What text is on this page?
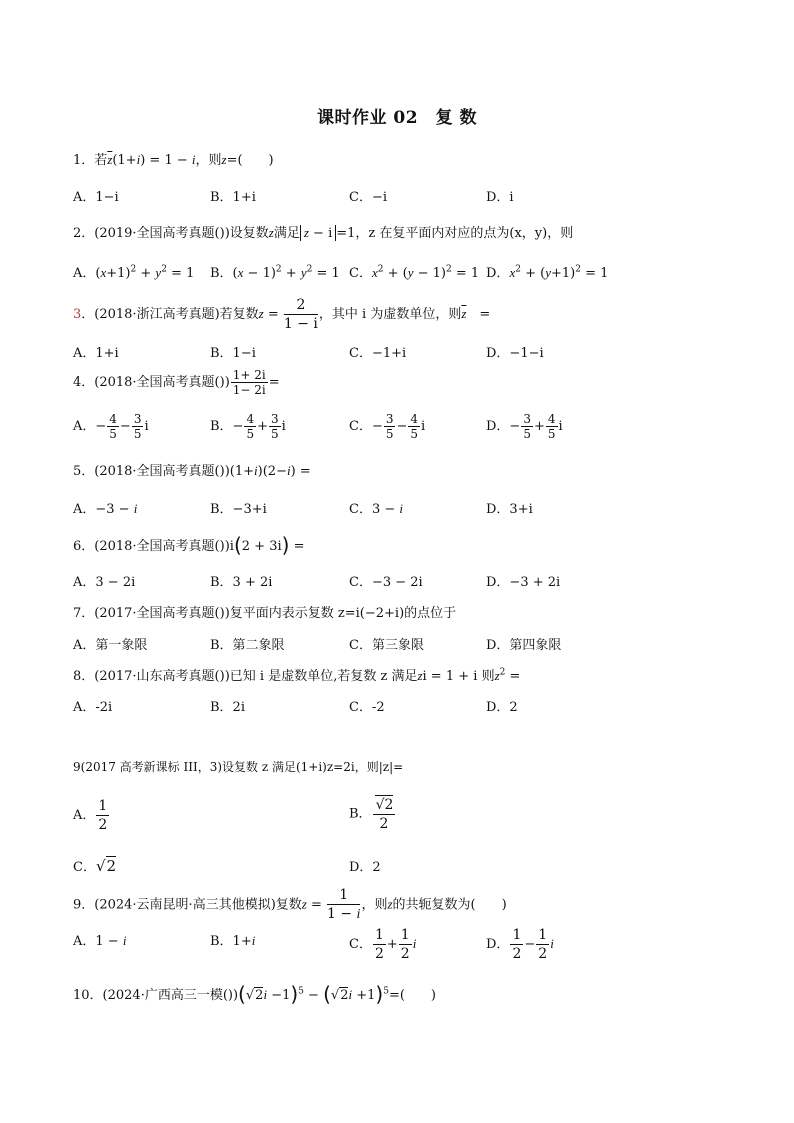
课时作业 02　复 数
1．若$\overline{z}(1+i) = 1 - i$，则z=(　　)
A．1−i	B．1+i	C．−i	D．i
2．(2019·全国高考真题())设复数z满足 z − i =1，z 在复平面内对应的点为(x，y)，则
A．$(x+1)^2 + y^2 = 1$ B．$(x - 1)^2 + y^2 = 1$ C．$x^2 + (y - 1)^2 = 1$ D．$x^2 + (y+1)^2 = 1$
3．(2018·浙江高考真题)若复数$z = \frac{2}{1 - i}$ ，其中 i 为虚数单位，则$\overline{z}$　=
A．1+i	B．1−i	C．−1+i	D．−1−i
4．(2018·全国高考真题()) $\frac{1+ 2i}{1- 2i}$ =
A．− $\frac{4}{5} - \frac{3}{5}$ i	B．− $\frac{4}{5} + \frac{3}{5}$ i	C．− $\frac{3}{5} - \frac{4}{5}$ i	D．− $\frac{3}{5} + \frac{4}{5}$ i
5．(2018·全国高考真题())(1+i)(2−i) =
A．−3 − i	B．−3+i	C．3 − i	D．3+i
6．(2018·全国高考真题())i(2 + 3i) =
A．3 − 2i	B．3 + 2i	C．−3 − 2i	D．−3 + 2i
7．(2017·全国高考真题())复平面内表示复数 z=i(−2+i)的点位于
A．第一象限	B．第二象限	C．第三象限	D．第四象限
8．(2017·山东高考真题())已知 i 是虚数单位,若复数 z 满足zi = 1 + i 则$z^2$ =
A．-2i	B．2i	C．-2	D．2
9(2017 高考新课标 III，3)设复数 z 满足(1+i)z=2i，则|z|=
A． $\frac{1}{2}$	B． $\frac{√2}{2}$
C．√2	D．2
9．(2024·云南昆明·高三其他模拟)复数$z = \frac{1}{1 - i}$ ，则z的共轭复数为(　　)
A．1 − i	B．1+i	C． $\frac{1}{2} + \frac{1}{2}$ i	D． $\frac{1}{2} - \frac{1}{2}$ i
10．(2024·广西高三一模$())(√2i -1)^5 - (√2i +1)^5=$(　　)
